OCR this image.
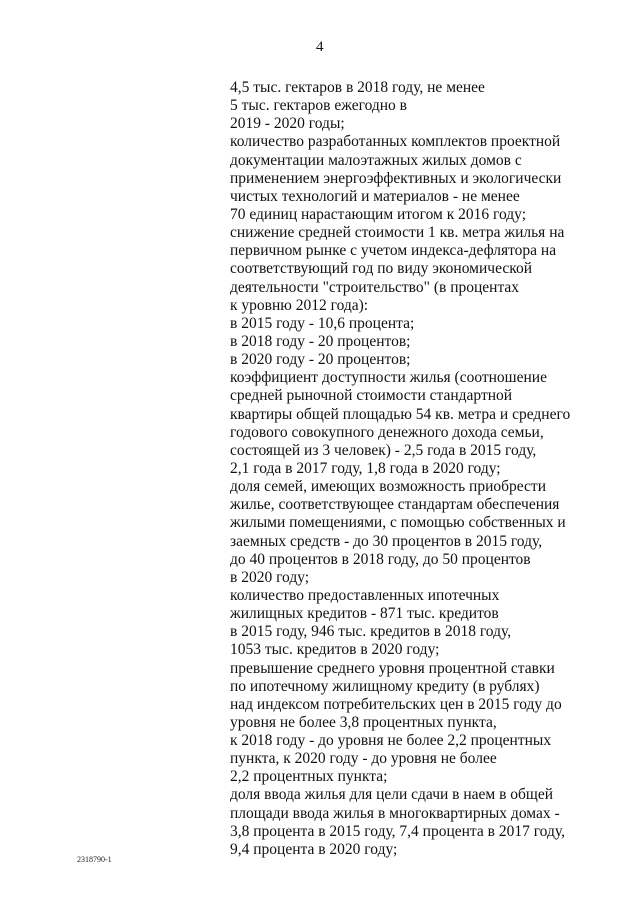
4
4,5 тыс. гектаров в 2018 году, не менее
5 тыс. гектаров ежегодно в
2019 - 2020 годы;
количество разработанных комплектов проектной
документации малоэтажных жилых домов с
применением энергоэффективных и экологически
чистых технологий и материалов - не менее
70 единиц нарастающим итогом к 2016 году;
снижение средней стоимости 1 кв. метра жилья на
первичном рынке с учетом индекса-дефлятора на
соответствующий год по виду экономической
деятельности "строительство" (в процентах
к уровню 2012 года):
в 2015 году - 10,6 процента;
в 2018 году - 20 процентов;
в 2020 году - 20 процентов;
коэффициент доступности жилья (соотношение
средней рыночной стоимости стандартной
квартиры общей площадью 54 кв. метра и среднего
годового совокупного денежного дохода семьи,
состоящей из 3 человек) - 2,5 года в 2015 году,
2,1 года в 2017 году, 1,8 года в 2020 году;
доля семей, имеющих возможность приобрести
жилье, соответствующее стандартам обеспечения
жилыми помещениями, с помощью собственных и
заемных средств - до 30 процентов в 2015 году,
до 40 процентов в 2018 году, до 50 процентов
в 2020 году;
количество предоставленных ипотечных
жилищных кредитов - 871 тыс. кредитов
в 2015 году, 946 тыс. кредитов в 2018 году,
1053 тыс. кредитов в 2020 году;
превышение среднего уровня процентной ставки
по ипотечному жилищному кредиту (в рублях)
над индексом потребительских цен в 2015 году до
уровня не более 3,8 процентных пункта,
к 2018 году - до уровня не более 2,2 процентных
пункта, к 2020 году - до уровня не более
2,2 процентных пункта;
доля ввода жилья для цели сдачи в наем в общей
площади ввода жилья в многоквартирных домах -
3,8 процента в 2015 году, 7,4 процента в 2017 году,
9,4 процента в 2020 году;
2318790-1
